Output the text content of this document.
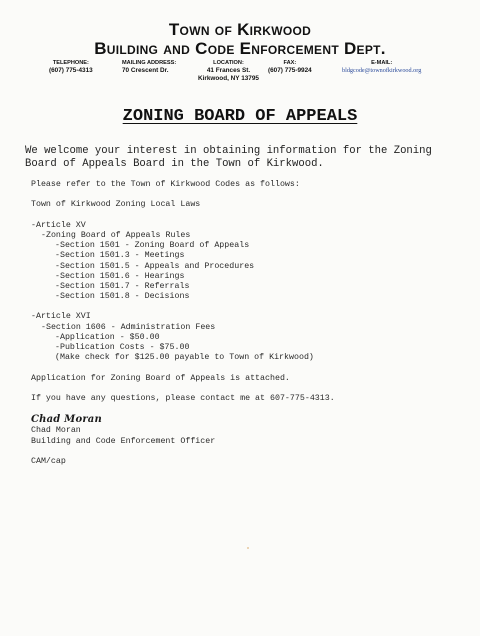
Town of Kirkwood
Building and Code Enforcement Dept.
TELEPHONE:
(607) 775-4313
MAILING ADDRESS:
70 Crescent Dr.
LOCATION:
41 Frances St.
Kirkwood, NY 13795
FAX:
(607) 775-9924
E-MAIL:
bldgcode@townofkirkwood.org
ZONING BOARD OF APPEALS
We welcome your interest in obtaining information for the Zoning Board of Appeals Board in the Town of Kirkwood.
Please refer to the Town of Kirkwood Codes as follows:
Town of Kirkwood Zoning Local Laws
-Article XV
-Zoning Board of Appeals Rules
-Section 1501 - Zoning Board of Appeals
-Section 1501.3 - Meetings
-Section 1501.5 - Appeals and Procedures
-Section 1501.6 - Hearings
-Section 1501.7 - Referrals
-Section 1501.8 - Decisions
-Article XVI
-Section 1606 - Administration Fees
-Application - $50.00
-Publication Costs - $75.00
(Make check for $125.00 payable to Town of Kirkwood)
Application for Zoning Board of Appeals is attached.
If you have any questions, please contact me at 607-775-4313.
Chad Moran
Chad Moran
Building and Code Enforcement Officer
CAM/cap
